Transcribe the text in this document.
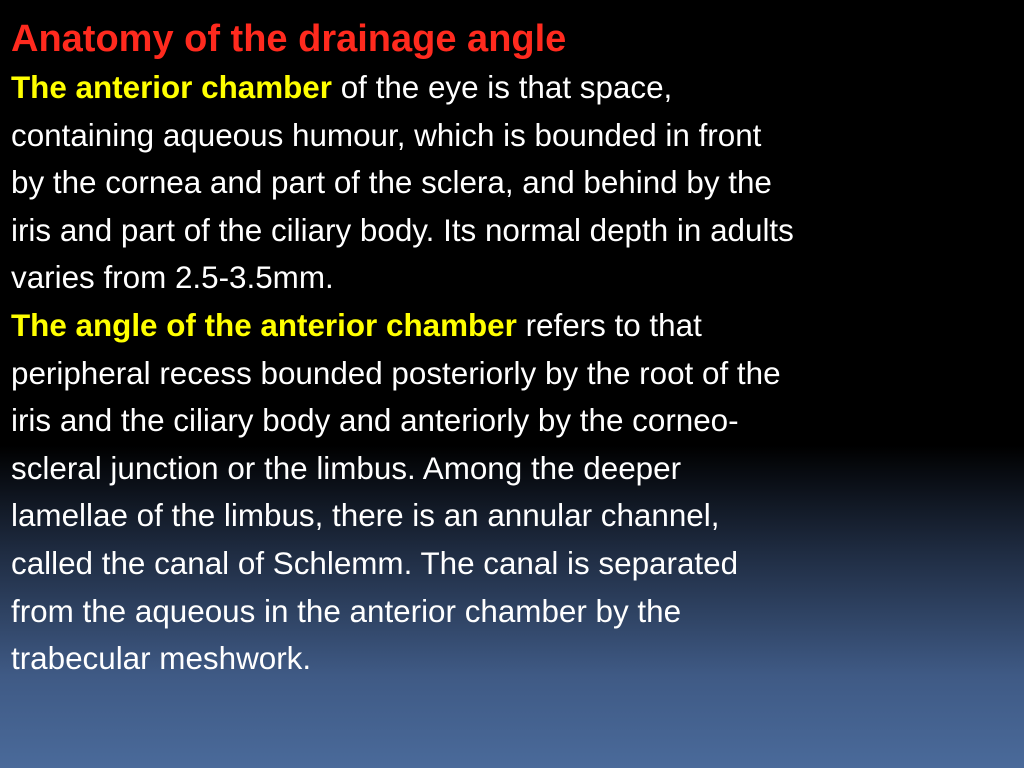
Anatomy of the drainage angle

The anterior chamber of the eye is that space,
containing aqueous humour, which is bounded in front
by the cornea and part of the sclera, and behind by the
iris and part of the ciliary body. Its normal depth in adults
varies from 2.5-3.5mm.

The angle of the anterior chamber refers to that
peripheral recess bounded posteriorly by the root of the
iris and the ciliary body and anteriorly by the corneo-
scleral junction or the limbus. Among the deeper
lamellae of the limbus, there is an annular channel,
called the canal of Schlemm. The canal is separated
from the aqueous in the anterior chamber by the
trabecular meshwork.
